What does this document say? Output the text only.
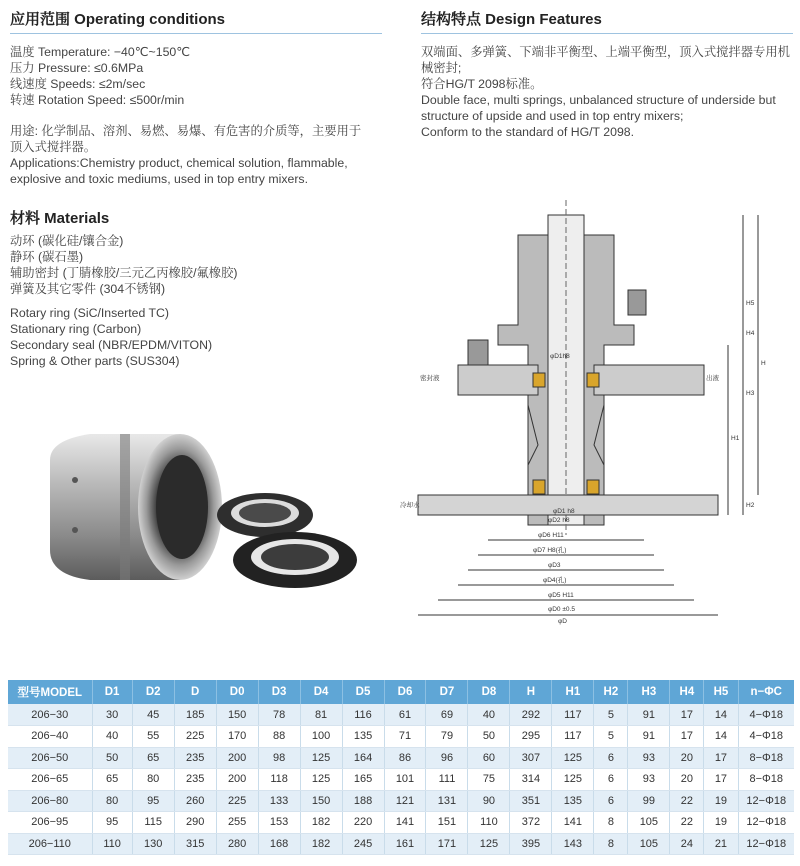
应用范围 Operating conditions

温度 Temperature: −40℃~150℃

压力 Pressure: ≤0.6MPa

线速度 Speeds: ≤2m/sec

转速 Rotation Speed: ≤500r/min

用途: 化学制品、溶剂、易燃、易爆、有危害的介质等，主要用于顶入式搅拌器。

Applications:Chemistry product, chemical solution, flammable, explosive and toxic mediums, used in top entry mixers.

结构特点 Design Features

双端面、多弹簧、下端非平衡型、上端平衡型，顶入式搅拌器专用机械密封;

符合HG/T 2098标准。

Double face, multi springs, unbalanced structure of underside but structure of upside and used in top entry mixers;

Conform to the standard of HG/T 2098.

材料 Materials

动环 (碳化硅/镶合金)

静环 (碳石墨)

辅助密封 (丁腈橡胶/三元乙丙橡胶/氟橡胶)

弹簧及其它零件 (304不锈钢)

Rotary ring (SiC/Inserted TC)

Stationary ring (Carbon)

Secondary seal (NBR/EPDM/VITON)

Spring & Other parts (SUS304)	φD1h8
φD1 h8
φD2 h8
φD6 H11
φD7 H8(孔)
φD3
φD4(孔)
φD5 H11
φD0 ±0.5
φD
H
H1
H2
H3
H4
H5
冷却水
密封液	出液
型号MODEL	D1	D2	D	D0	D3	D4	D5	D6	D7	D8	H	H1	H2	H3	H4	H5	n−ΦC
206−30	30	45	185	150	78	81	116	61	69	40	292	117	5	91	17	14	4−Φ18
206−40	40	55	225	170	88	100	135	71	79	50	295	117	5	91	17	14	4−Φ18
206−50	50	65	235	200	98	125	164	86	96	60	307	125	6	93	20	17	8−Φ18
206−65	65	80	235	200	118	125	165	101	111	75	314	125	6	93	20	17	8−Φ18
206−80	80	95	260	225	133	150	188	121	131	90	351	135	6	99	22	19	12−Φ18
206−95	95	115	290	255	153	182	220	141	151	110	372	141	8	105	22	19	12−Φ18
206−110	110	130	315	280	168	182	245	161	171	125	395	143	8	105	24	21	12−Φ18
